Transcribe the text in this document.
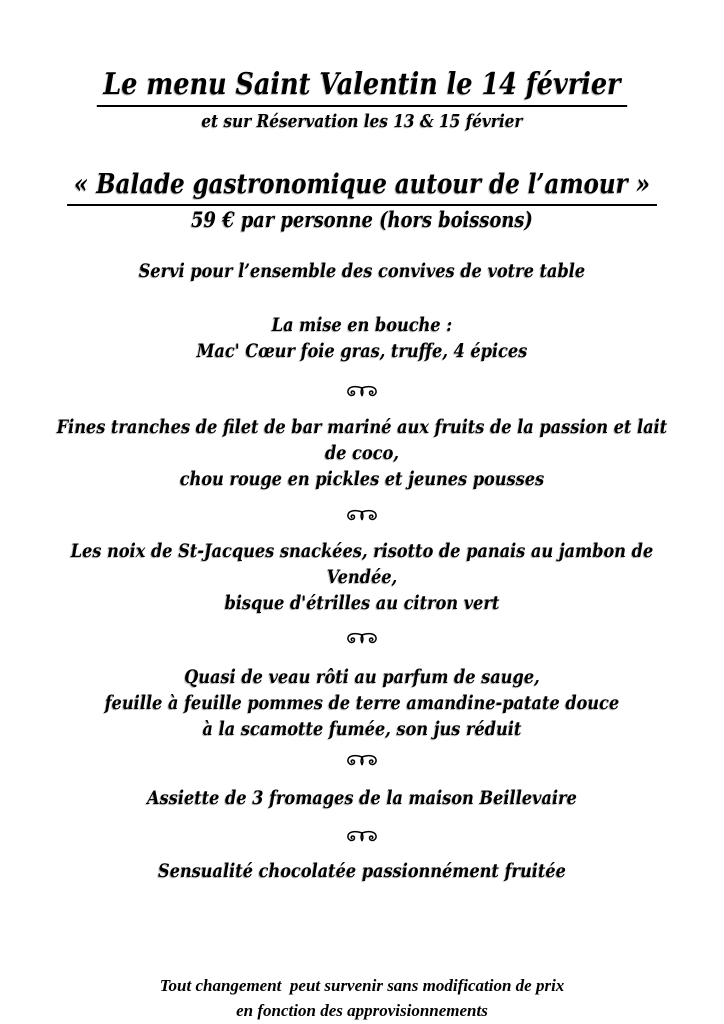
Le menu Saint Valentin le 14 février
et sur Réservation les 13 & 15 février
« Balade gastronomique autour de l’amour »
59 € par personne (hors boissons)
Servi pour l’ensemble des convives de votre table
La mise en bouche :
Mac' Cœur foie gras, truffe, 4 épices
Fines tranches de filet de bar mariné aux fruits de la passion et lait de coco,
chou rouge en pickles et jeunes pousses
Les noix de St-Jacques snackées, risotto de panais au jambon de Vendée,
bisque d'étrilles au citron vert
Quasi de veau rôti au parfum de sauge,
feuille à feuille pommes de terre amandine-patate douce
à la scamotte fumée, son jus réduit
Assiette de 3 fromages de la maison Beillevaire
Sensualité chocolatée passionnément fruitée
Tout changement  peut survenir sans modification de prix
en fonction des approvisionnements
